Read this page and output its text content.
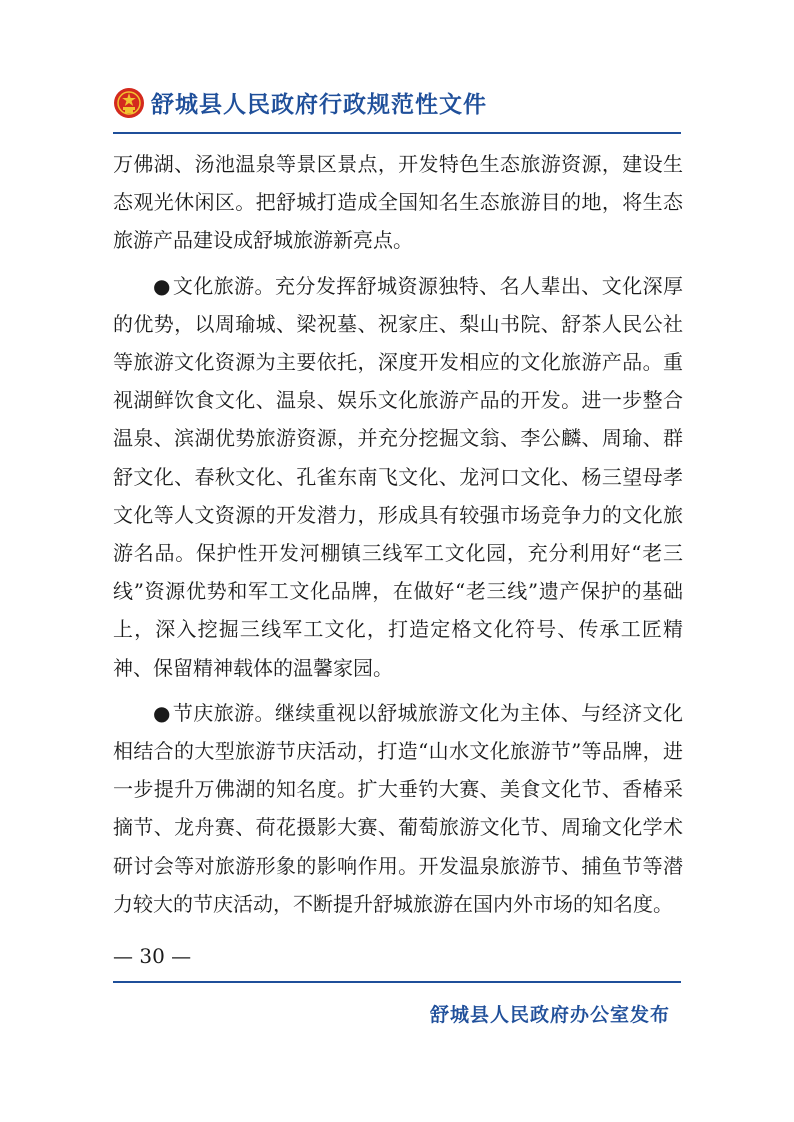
舒城县人民政府行政规范性文件

万佛湖、汤池温泉等景区景点，开发特色生态旅游资源，建设生态观光休闲区。把舒城打造成全国知名生态旅游目的地，将生态旅游产品建设成舒城旅游新亮点。

● 文化旅游。充分发挥舒城资源独特、名人辈出、文化深厚的优势，以周瑜城、梁祝墓、祝家庄、梨山书院、舒茶人民公社等旅游文化资源为主要依托，深度开发相应的文化旅游产品。重视湖鲜饮食文化、温泉、娱乐文化旅游产品的开发。进一步整合温泉、滨湖优势旅游资源，并充分挖掘文翁、李公麟、周瑜、群舒文化、春秋文化、孔雀东南飞文化、龙河口文化、杨三望母孝文化等人文资源的开发潜力，形成具有较强市场竞争力的文化旅游名品。保护性开发河棚镇三线军工文化园，充分利用好“老三线”资源优势和军工文化品牌，在做好“老三线”遗产保护的基础上，深入挖掘三线军工文化，打造定格文化符号、传承工匠精神、保留精神载体的温馨家园。

● 节庆旅游。继续重视以舒城旅游文化为主体、与经济文化相结合的大型旅游节庆活动，打造“山水文化旅游节”等品牌，进一步提升万佛湖的知名度。扩大垂钓大赛、美食文化节、香椿采摘节、龙舟赛、荷花摄影大赛、葡萄旅游文化节、周瑜文化学术研讨会等对旅游形象的影响作用。开发温泉旅游节、捕鱼节等潜力较大的节庆活动，不断提升舒城旅游在国内外市场的知名度。

— 30 —
舒城县人民政府办公室发布
